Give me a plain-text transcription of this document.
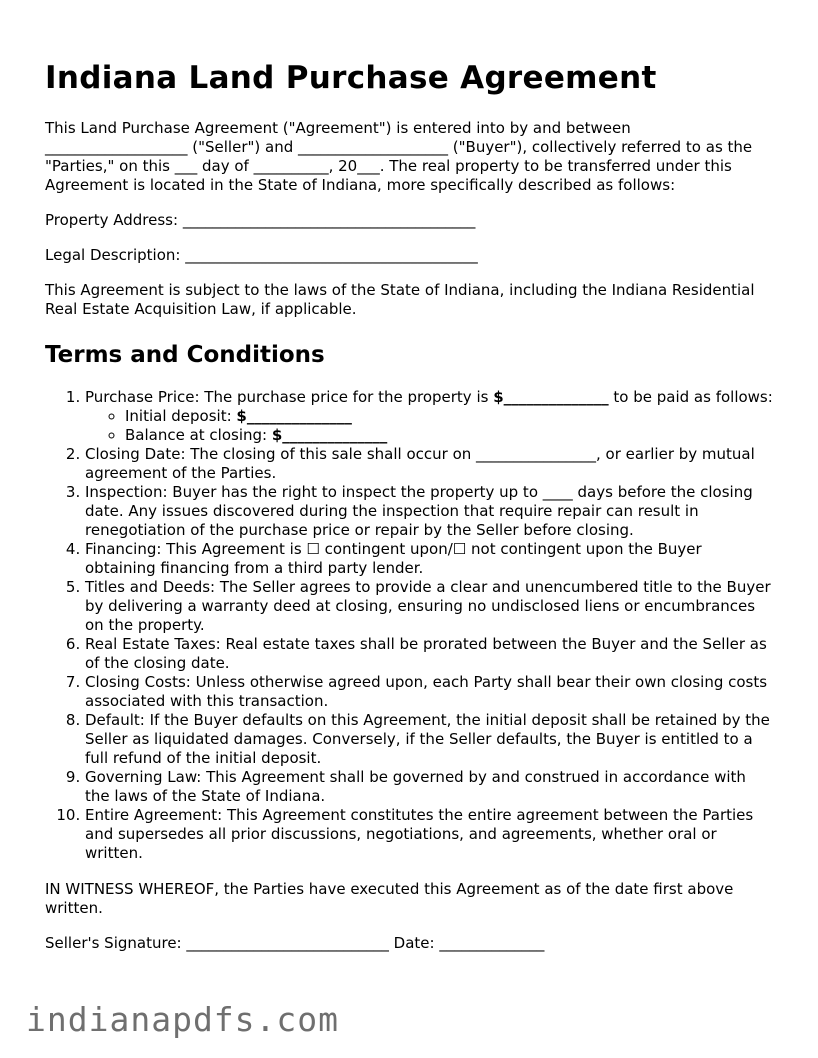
Indiana Land Purchase Agreement

This Land Purchase Agreement ("Agreement") is entered into by and between ___________________ ("Seller") and ____________________ ("Buyer"), collectively referred to as the "Parties," on this ___ day of __________, 20___. The real property to be transferred under this Agreement is located in the State of Indiana, more specifically described as follows:

Property Address: _______________________________________

Legal Description: _______________________________________

This Agreement is subject to the laws of the State of Indiana, including the Indiana Residential Real Estate Acquisition Law, if applicable.

Terms and Conditions
1. Purchase Price: The purchase price for the property is $______________ to be paid as follows:
◦ Initial deposit: $______________
◦ Balance at closing: $______________
2. Closing Date: The closing of this sale shall occur on ________________, or earlier by mutual agreement of the Parties.
3. Inspection: Buyer has the right to inspect the property up to ____ days before the closing date. Any issues discovered during the inspection that require repair can result in renegotiation of the purchase price or repair by the Seller before closing.
4. Financing: This Agreement is ☐ contingent upon/☐ not contingent upon the Buyer obtaining financing from a third party lender.
5. Titles and Deeds: The Seller agrees to provide a clear and unencumbered title to the Buyer by delivering a warranty deed at closing, ensuring no undisclosed liens or encumbrances on the property.
6. Real Estate Taxes: Real estate taxes shall be prorated between the Buyer and the Seller as of the closing date.
7. Closing Costs: Unless otherwise agreed upon, each Party shall bear their own closing costs associated with this transaction.
8. Default: If the Buyer defaults on this Agreement, the initial deposit shall be retained by the Seller as liquidated damages. Conversely, if the Seller defaults, the Buyer is entitled to a full refund of the initial deposit.
9. Governing Law: This Agreement shall be governed by and construed in accordance with the laws of the State of Indiana.
10. Entire Agreement: This Agreement constitutes the entire agreement between the Parties and supersedes all prior discussions, negotiations, and agreements, whether oral or written.

IN WITNESS WHEREOF, the Parties have executed this Agreement as of the date first above written.

Seller's Signature: ___________________________ Date: ______________

indianapdfs.com
